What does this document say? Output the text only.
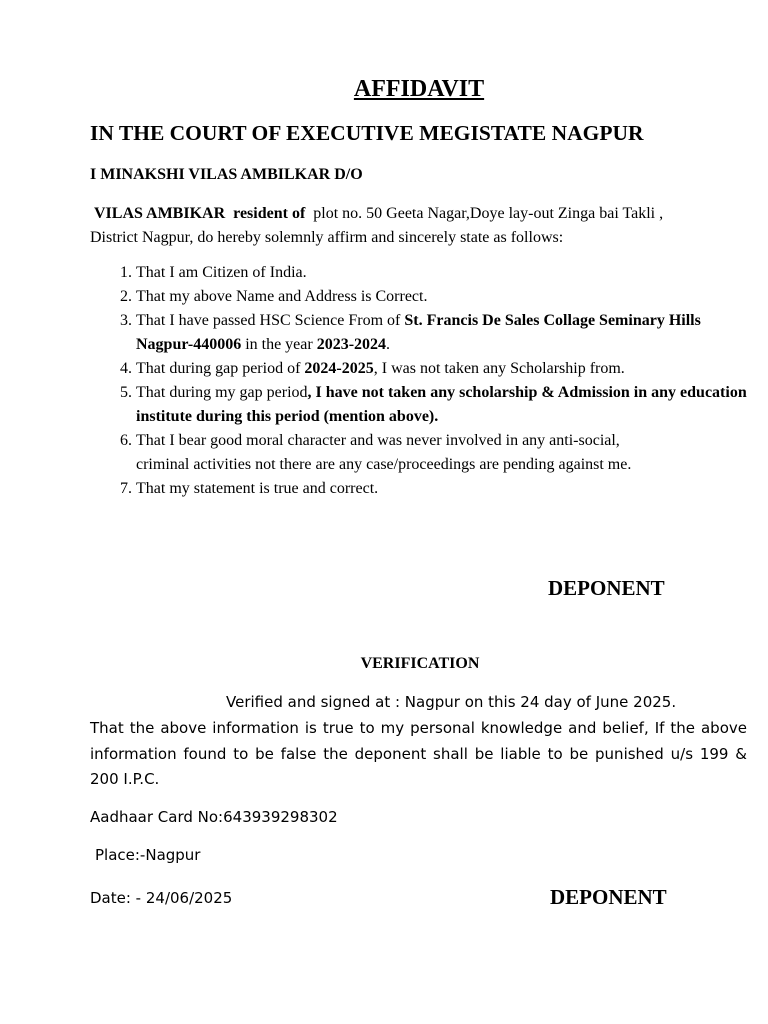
AFFIDAVIT
IN THE COURT OF EXECUTIVE MEGISTATE NAGPUR
I MINAKSHI VILAS AMBILKAR D/O
VILAS AMBIKAR resident of plot no. 50 Geeta Nagar,Doye lay-out Zinga bai Takli , District Nagpur, do hereby solemnly affirm and sincerely state as follows:
1. That I am Citizen of India.
2. That my above Name and Address is Correct.
3. That I have passed HSC Science From of St. Francis De Sales Collage Seminary Hills Nagpur-440006 in the year 2023-2024.
4. That during gap period of 2024-2025, I was not taken any Scholarship from.
5. That during my gap period, I have not taken any scholarship & Admission in any education institute during this period (mention above).
6. That I bear good moral character and was never involved in any anti-social, criminal activities not there are any case/proceedings are pending against me.
7. That my statement is true and correct.
DEPONENT
VERIFICATION
Verified and signed at : Nagpur on this 24 day of June 2025.
That the above information is true to my personal knowledge and belief, If the above information found to be false the deponent shall be liable to be punished u/s 199 & 200 I.P.C.
Aadhaar Card No:643939298302
Place:-Nagpur
Date: - 24/06/2025	DEPONENT
